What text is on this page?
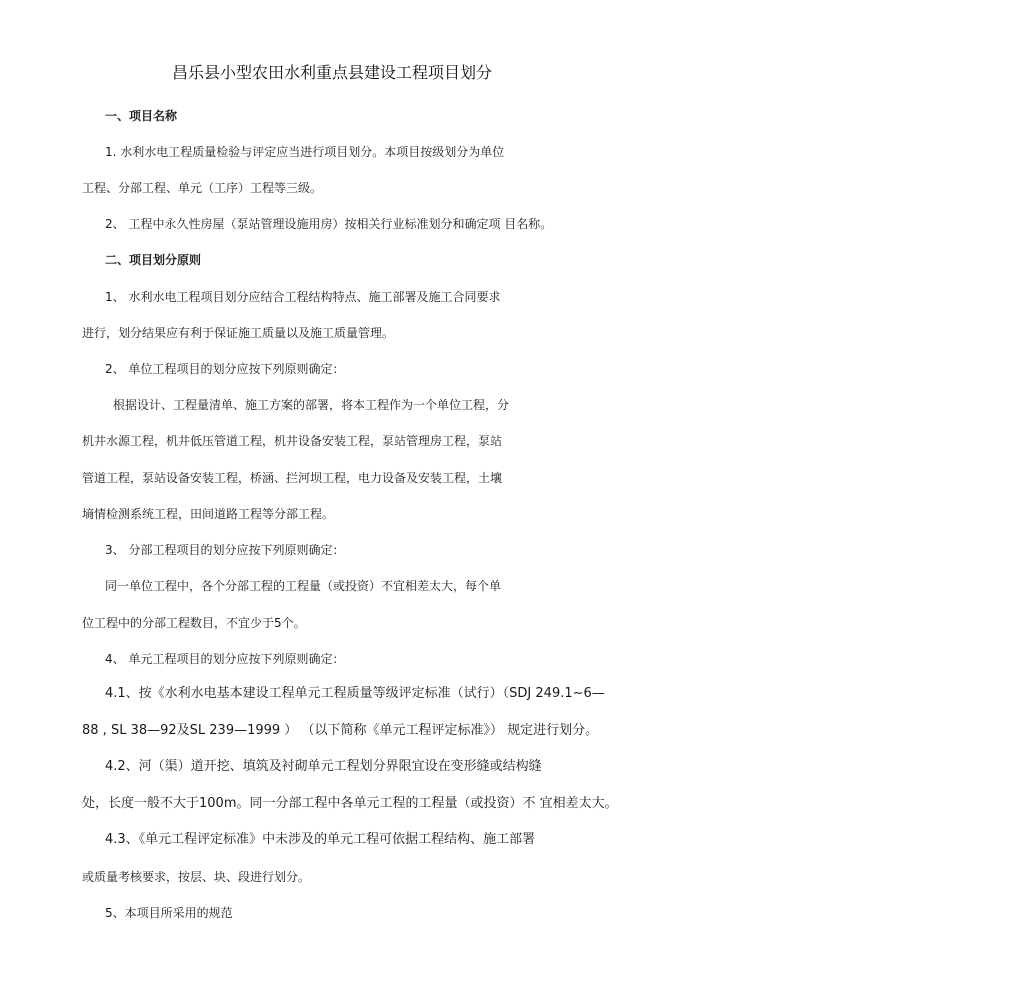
昌乐县小型农田水利重点县建设工程项目划分
一、项目名称
1. 水利水电工程质量检验与评定应当进行项目划分。本项目按级划分为单位
工程、分部工程、单元（工序）工程等三级。
2、 工程中永久性房屋（泵站管理设施用房）按相关行业标准划分和确定项 目名称。
二、项目划分原则
1、 水利水电工程项目划分应结合工程结构特点、施工部署及施工合同要求
进行，划分结果应有利于保证施工质量以及施工质量管理。
2、 单位工程项目的划分应按下列原则确定：
根据设计、工程量清单、施工方案的部署，将本工程作为一个单位工程，分
机井水源工程，机井低压管道工程，机井设备安装工程，泵站管理房工程，泵站
管道工程，泵站设备安装工程，桥涵、拦河坝工程，电力设备及安装工程，土壤
墒情检测系统工程，田间道路工程等分部工程。
3、 分部工程项目的划分应按下列原则确定：
同一单位工程中，各个分部工程的工程量（或投资）不宜相差太大，每个单
位工程中的分部工程数目，不宜少于5个。
4、 单元工程项目的划分应按下列原则确定：
4.1、按《水利水电基本建设工程单元工程质量等级评定标准（试行）（SDJ 249.1~6—
88 , SL 38—92及SL 239—1999 ） （以下简称《单元工程评定标准》） 规定进行划分。
4.2、河（渠）道开挖、填筑及衬砌单元工程划分界限宜设在变形缝或结构缝
处，长度一般不大于100m。同一分部工程中各单元工程的工程量（或投资）不 宜相差太大。
4.3、《单元工程评定标准》中未涉及的单元工程可依据工程结构、施工部署
或质量考核要求，按层、块、段进行划分。
5、本项目所采用的规范
